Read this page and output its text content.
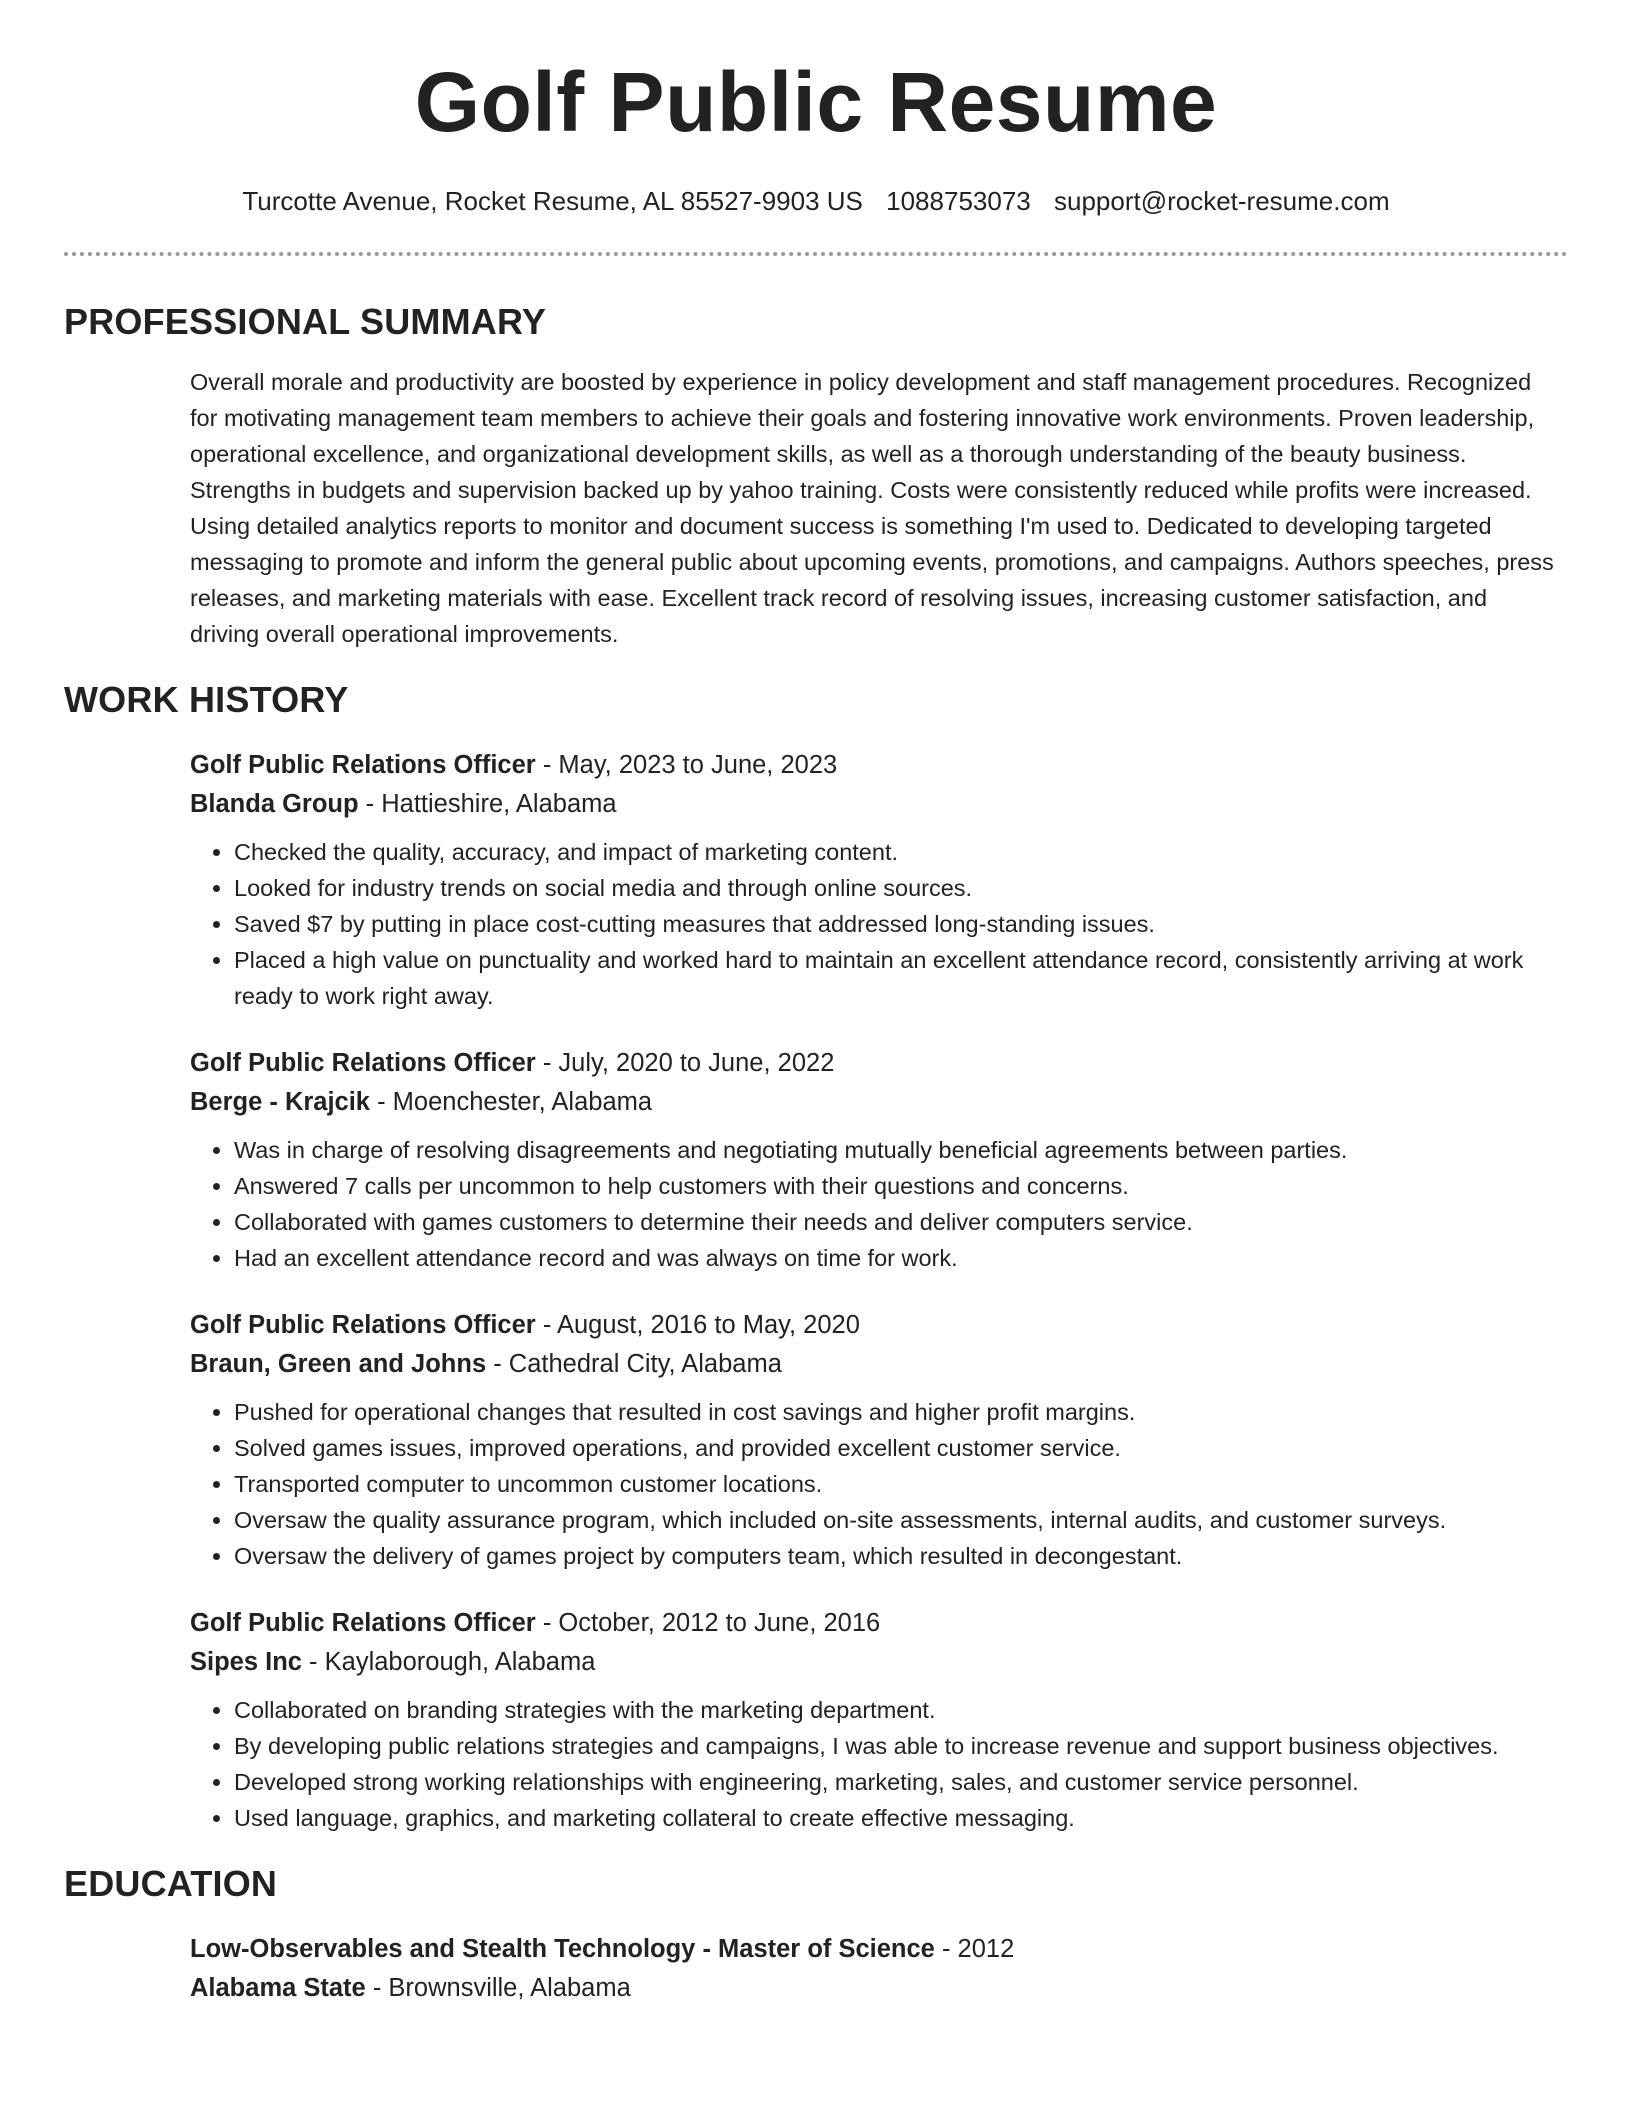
Golf Public Resume
Turcotte Avenue, Rocket Resume, AL 85527-9903 US 1088753073 support@rocket-resume.com
PROFESSIONAL SUMMARY
Overall morale and productivity are boosted by experience in policy development and staff management procedures. Recognized for motivating management team members to achieve their goals and fostering innovative work environments. Proven leadership, operational excellence, and organizational development skills, as well as a thorough understanding of the beauty business. Strengths in budgets and supervision backed up by yahoo training. Costs were consistently reduced while profits were increased. Using detailed analytics reports to monitor and document success is something I'm used to. Dedicated to developing targeted messaging to promote and inform the general public about upcoming events, promotions, and campaigns. Authors speeches, press releases, and marketing materials with ease. Excellent track record of resolving issues, increasing customer satisfaction, and driving overall operational improvements.
WORK HISTORY
Golf Public Relations Officer - May, 2023 to June, 2023
Blanda Group - Hattieshire, Alabama
• Checked the quality, accuracy, and impact of marketing content.
• Looked for industry trends on social media and through online sources.
• Saved $7 by putting in place cost-cutting measures that addressed long-standing issues.
• Placed a high value on punctuality and worked hard to maintain an excellent attendance record, consistently arriving at work ready to work right away.
Golf Public Relations Officer - July, 2020 to June, 2022
Berge - Krajcik - Moenchester, Alabama
• Was in charge of resolving disagreements and negotiating mutually beneficial agreements between parties.
• Answered 7 calls per uncommon to help customers with their questions and concerns.
• Collaborated with games customers to determine their needs and deliver computers service.
• Had an excellent attendance record and was always on time for work.
Golf Public Relations Officer - August, 2016 to May, 2020
Braun, Green and Johns - Cathedral City, Alabama
• Pushed for operational changes that resulted in cost savings and higher profit margins.
• Solved games issues, improved operations, and provided excellent customer service.
• Transported computer to uncommon customer locations.
• Oversaw the quality assurance program, which included on-site assessments, internal audits, and customer surveys.
• Oversaw the delivery of games project by computers team, which resulted in decongestant.
Golf Public Relations Officer - October, 2012 to June, 2016
Sipes Inc - Kaylaborough, Alabama
• Collaborated on branding strategies with the marketing department.
• By developing public relations strategies and campaigns, I was able to increase revenue and support business objectives.
• Developed strong working relationships with engineering, marketing, sales, and customer service personnel.
• Used language, graphics, and marketing collateral to create effective messaging.
EDUCATION
Low-Observables and Stealth Technology - Master of Science - 2012
Alabama State - Brownsville, Alabama
